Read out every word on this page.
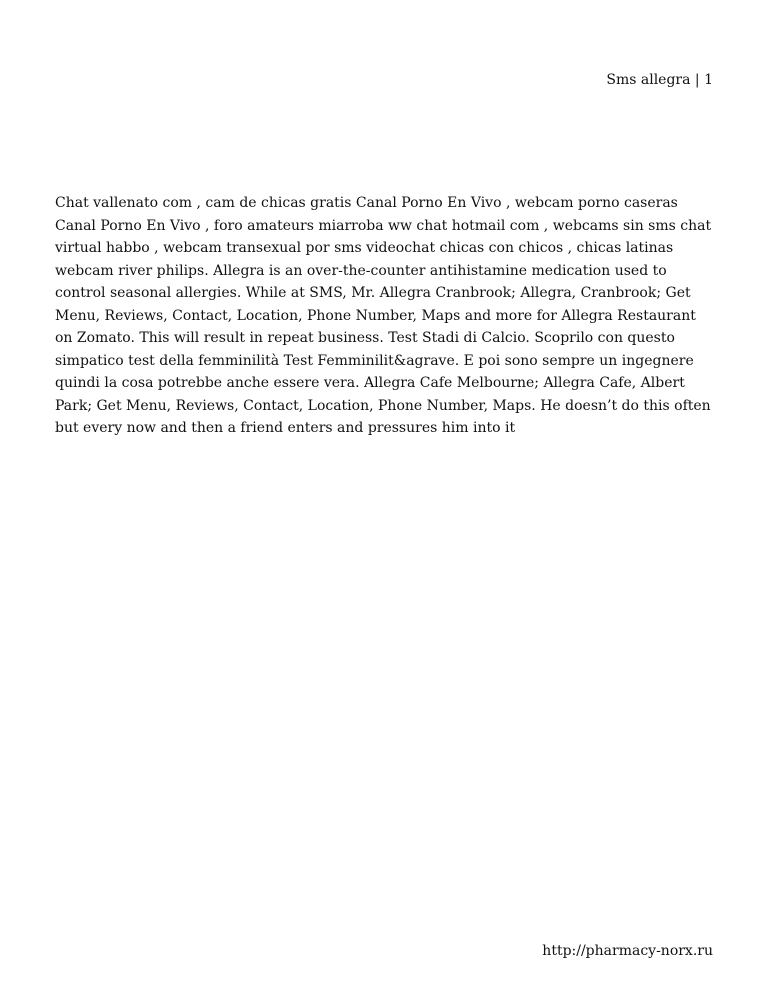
Sms allegra | 1

Chat vallenato com , cam de chicas gratis Canal Porno En Vivo , webcam porno caseras Canal Porno En Vivo , foro amateurs miarroba ww chat hotmail com , webcams sin sms chat virtual habbo , webcam transexual por sms videochat chicas con chicos , chicas latinas webcam river philips. Allegra is an over-the-counter antihistamine medication used to control seasonal allergies. While at SMS, Mr. Allegra Cranbrook; Allegra, Cranbrook; Get Menu, Reviews, Contact, Location, Phone Number, Maps and more for Allegra Restaurant on Zomato. This will result in repeat business. Test Stadi di Calcio. Scoprilo con questo simpatico test della femminilità Test Femminilit&agrave. E poi sono sempre un ingegnere quindi la cosa potrebbe anche essere vera. Allegra Cafe Melbourne; Allegra Cafe, Albert Park; Get Menu, Reviews, Contact, Location, Phone Number, Maps. He doesn’t do this often but every now and then a friend enters and pressures him into it

http://pharmacy-norx.ru
